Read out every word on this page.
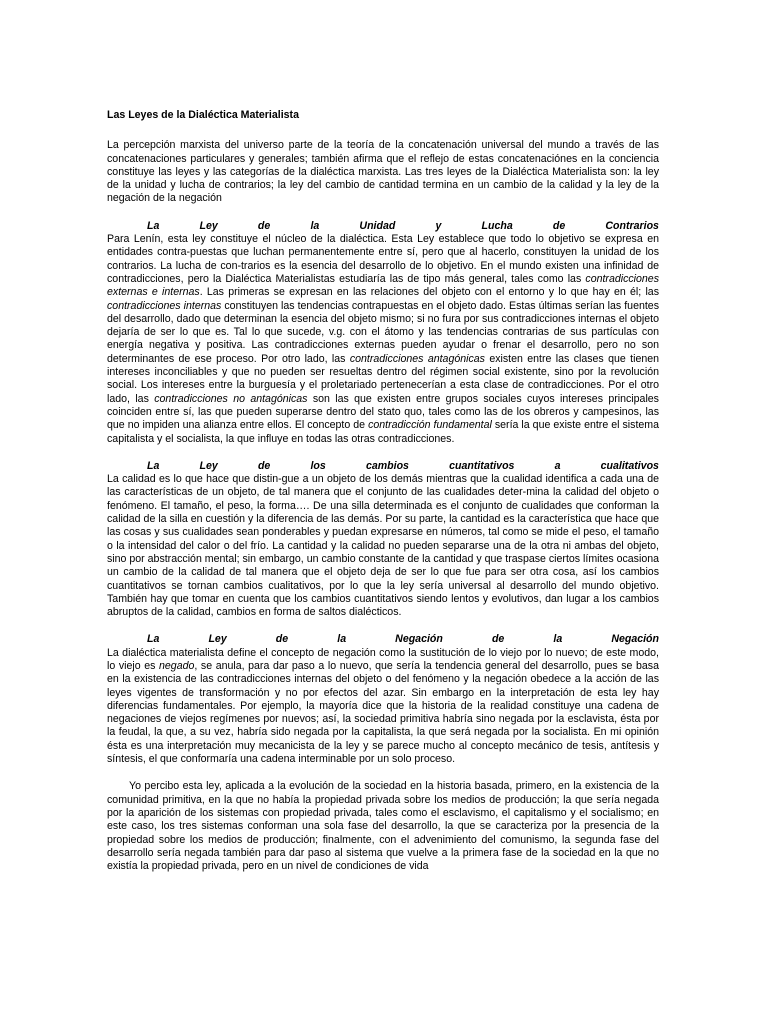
Las Leyes de la Dialéctica Materialista

La percepción marxista del universo parte de la teoría de la concatenación universal del mundo a través de las concatenaciones particulares y generales; también afirma que el reflejo de estas concatenaciónes en la conciencia constituye las leyes y las categorías de la dialéctica marxista. Las tres leyes de la Dialéctica Materialista son: la ley de la unidad y lucha de contrarios; la ley del cambio de cantidad termina en un cambio de la calidad y la ley de la negación de la negación

La	Ley	de	la	Unidad	y	Lucha	de	Contrarios

Para Lenín, esta ley constituye el núcleo de la dialéctica. Esta Ley establece que todo lo objetivo se expresa en entidades contra-puestas que luchan permanentemente entre sí, pero que al hacerlo, constituyen la unidad de los contrarios. La lucha de con-trarios es la esencia del desarrollo de lo objetivo. En el mundo existen una infinidad de contradicciones, pero la Dialéctica Materialistas estudiaría las de tipo más general, tales como las contradicciones externas e internas. Las primeras se expresan en las relaciones del objeto con el entorno y lo que hay en él; las contradicciones internas constituyen las tendencias contrapuestas en el objeto dado. Estas últimas serían las fuentes del desarrollo, dado que determinan la esencia del objeto mismo; si no fura por sus contradicciones internas el objeto dejaría de ser lo que es. Tal lo que sucede, v.g. con el átomo y las tendencias contrarias de sus partículas con energía negativa y positiva. Las contradicciones externas pueden ayudar o frenar el desarrollo, pero no son determinantes de ese proceso. Por otro lado, las contradicciones antagónicas existen entre las clases que tienen intereses inconciliables y que no pueden ser resueltas dentro del régimen social existente, sino por la revolución social. Los intereses entre la burguesía y el proletariado pertenecerían a esta clase de contradicciones. Por el otro lado, las contradicciones no antagónicas son las que existen entre grupos sociales cuyos intereses principales coinciden entre sí, las que pueden superarse dentro del stato quo, tales como las de los obreros y campesinos, las que no impiden una alianza entre ellos. El concepto de contradicción fundamental sería la que existe entre el sistema capitalista y el socialista, la que influye en todas las otras contradicciones.

La	Ley	de	los	cambios	cuantitativos	a	cualitativos

La calidad es lo que hace que distin-gue a un objeto de los demás mientras que la cualidad identifica a cada una de las características de un objeto, de tal manera que el conjunto de las cualidades deter-mina la calidad del objeto o fenómeno. El tamaño, el peso, la forma…. De una silla determinada es el conjunto de cualidades que conforman la calidad de la silla en cuestión y la diferencia de las demás. Por su parte, la cantidad es la característica que hace que las cosas y sus cualidades sean ponderables y puedan expresarse en números, tal como se mide el peso, el tamaño o la intensidad del calor o del frío. La cantidad y la calidad no pueden separarse una de la otra ni ambas del objeto, sino por abstracción mental; sin embargo, un cambio constante de la cantidad y que traspase ciertos límites ocasiona un cambio de la calidad de tal manera que el objeto deja de ser lo que fue para ser otra cosa, así los cambios cuantitativos se tornan cambios cualitativos, por lo que la ley sería universal al desarrollo del mundo objetivo. También hay que tomar en cuenta que los cambios cuantitativos siendo lentos y evolutivos, dan lugar a los cambios abruptos de la calidad, cambios en forma de saltos dialécticos.

La	Ley	de	la	Negación	de	la	Negación

La dialéctica materialista define el concepto de negación como la sustitución de lo viejo por lo nuevo; de este modo, lo viejo es negado, se anula, para dar paso a lo nuevo, que sería la tendencia general del desarrollo, pues se basa en la existencia de las contradicciones internas del objeto o del fenómeno y la negación obedece a la acción de las leyes vigentes de transformación y no por efectos del azar. Sin embargo en la interpretación de esta ley hay diferencias fundamentales. Por ejemplo, la mayoría dice que la historia de la realidad constituye una cadena de negaciones de viejos regímenes por nuevos; así, la sociedad primitiva habría sino negada por la esclavista, ésta por la feudal, la que, a su vez, habría sido negada por la capitalista, la que será negada por la socialista. En mi opinión ésta es una interpretación muy mecanicista de la ley y se parece mucho al concepto mecánico de tesis, antítesis y síntesis, el que conformaría una cadena interminable por un solo proceso.

Yo percibo esta ley, aplicada a la evolución de la sociedad en la historia basada, primero, en la existencia de la comunidad primitiva, en la que no había la propiedad privada sobre los medios de producción; la que sería negada por la aparición de los sistemas con propiedad privada, tales como el esclavismo, el capitalismo y el socialismo; en este caso, los tres sistemas conforman una sola fase del desarrollo, la que se caracteriza por la presencia de la propiedad sobre los medios de producción; finalmente, con el advenimiento del comunismo, la segunda fase del desarrollo sería negada también para dar paso al sistema que vuelve a la primera fase de la sociedad en la que no existía la propiedad privada, pero en un nivel de condiciones de vida
